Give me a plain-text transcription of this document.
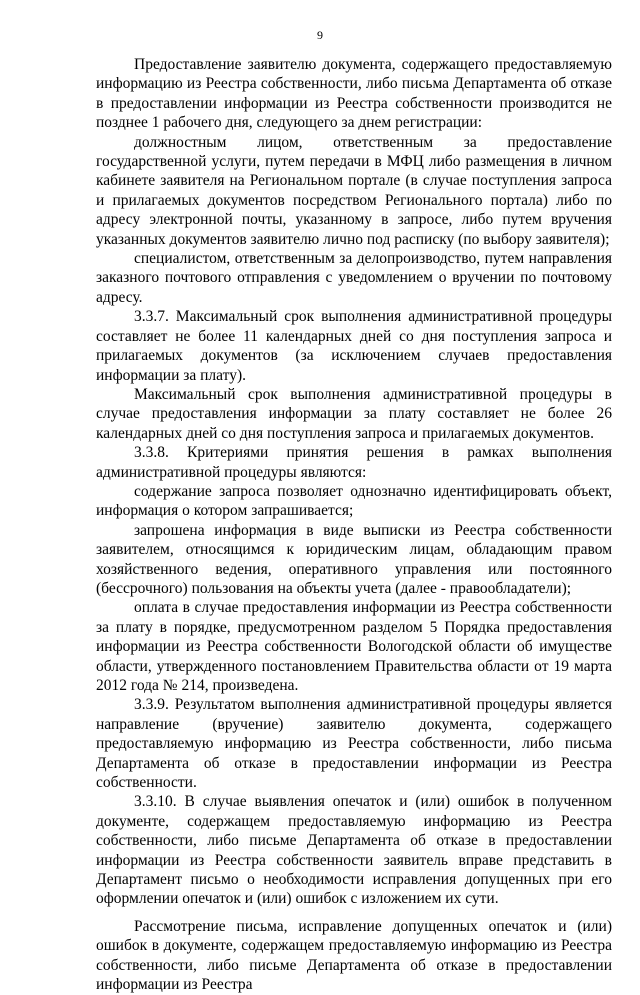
9

Предоставление заявителю документа, содержащего предоставляемую информацию из Реестра собственности, либо письма Департамента об отказе в предоставлении информации из Реестра собственности производится не позднее 1 рабочего дня, следующего за днем регистрации:

должностным лицом, ответственным за предоставление государственной услуги, путем передачи в МФЦ либо размещения в личном кабинете заявителя на Региональном портале (в случае поступления запроса и прилагаемых документов посредством Регионального портала) либо по адресу электронной почты, указанному в запросе, либо путем вручения указанных документов заявителю лично под расписку (по выбору заявителя);

специалистом, ответственным за делопроизводство, путем направления заказного почтового отправления с уведомлением о вручении по почтовому адресу.

3.3.7. Максимальный срок выполнения административной процедуры составляет не более 11 календарных дней со дня поступления запроса и прилагаемых документов (за исключением случаев предоставления информации за плату).

Максимальный срок выполнения административной процедуры в случае предоставления информации за плату составляет не более 26 календарных дней со дня поступления запроса и прилагаемых документов.

3.3.8. Критериями принятия решения в рамках выполнения административной процедуры являются:

содержание запроса позволяет однозначно идентифицировать объект, информация о котором запрашивается;

запрошена информация в виде выписки из Реестра собственности заявителем, относящимся к юридическим лицам, обладающим правом хозяйственного ведения, оперативного управления или постоянного (бессрочного) пользования на объекты учета (далее - правообладатели);

оплата в случае предоставления информации из Реестра собственности за плату в порядке, предусмотренном разделом 5 Порядка предоставления информации из Реестра собственности Вологодской области об имуществе области, утвержденного постановлением Правительства области от 19 марта 2012 года № 214, произведена.

3.3.9. Результатом выполнения административной процедуры является направление (вручение) заявителю документа, содержащего предоставляемую информацию из Реестра собственности, либо письма Департамента об отказе в предоставлении информации из Реестра собственности.

3.3.10. В случае выявления опечаток и (или) ошибок в полученном документе, содержащем предоставляемую информацию из Реестра собственности, либо письме Департамента об отказе в предоставлении информации из Реестра собственности заявитель вправе представить в Департамент письмо о необходимости исправления допущенных при его оформлении опечаток и (или) ошибок с изложением их сути.

Рассмотрение письма, исправление допущенных опечаток и (или) ошибок в документе, содержащем предоставляемую информацию из Реестра собственности, либо письме Департамента об отказе в предоставлении информации из Реестра
